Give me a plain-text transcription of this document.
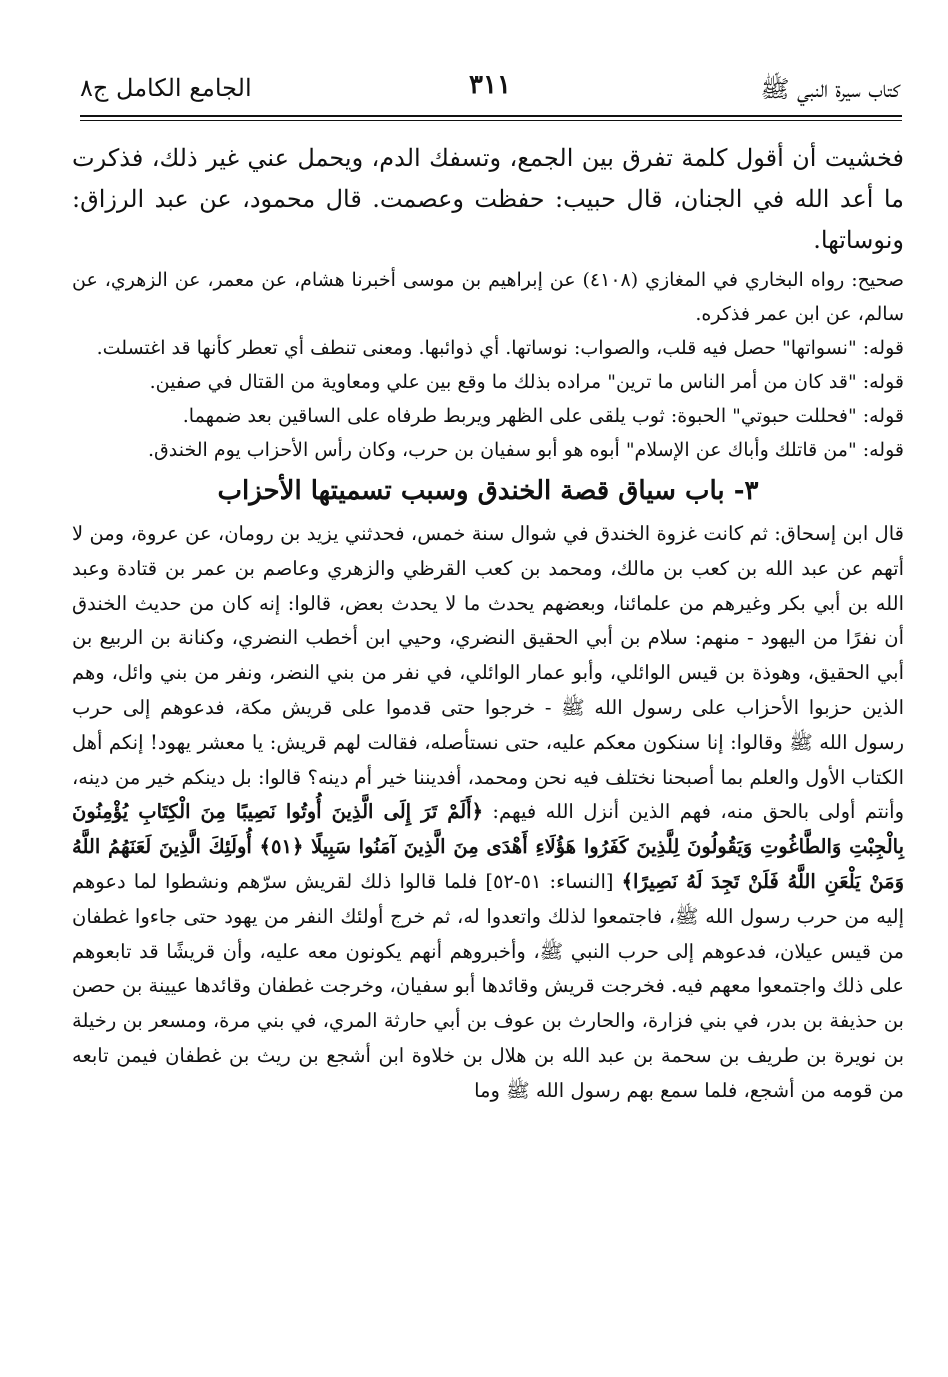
كتاب سيرة النبي ﷺ
٣١١
الجامع الكامل ج٨

فخشيت أن أقول كلمة تفرق بين الجمع، وتسفك الدم، ويحمل عني غير ذلك، فذكرت ما أعد الله في الجنان، قال حبيب: حفظت وعصمت. قال محمود، عن عبد الرزاق: ونوساتها.

صحيح: رواه البخاري في المغازي (٤١٠٨) عن إبراهيم بن موسى أخبرنا هشام، عن معمر، عن الزهري، عن سالم، عن ابن عمر فذكره.

قوله: "نسواتها" حصل فيه قلب، والصواب: نوساتها. أي ذوائبها. ومعنى تنطف أي تعطر كأنها قد اغتسلت.

قوله: "قد كان من أمر الناس ما ترين" مراده بذلك ما وقع بين علي ومعاوية من القتال في صفين.

قوله: "فحللت حبوتي" الحبوة: ثوب يلقى على الظهر ويربط طرفاه على الساقين بعد ضمهما.

قوله: "من قاتلك وأباك عن الإسلام" أبوه هو أبو سفيان بن حرب، وكان رأس الأحزاب يوم الخندق.

٣- باب سياق قصة الخندق وسبب تسميتها الأحزاب

قال ابن إسحاق: ثم كانت غزوة الخندق في شوال سنة خمس، فحدثني يزيد بن رومان، عن عروة، ومن لا أتهم عن عبد الله بن كعب بن مالك، ومحمد بن كعب القرظي والزهري وعاصم بن عمر بن قتادة وعبد الله بن أبي بكر وغيرهم من علمائنا، وبعضهم يحدث ما لا يحدث بعض، قالوا: إنه كان من حديث الخندق أن نفرًا من اليهود - منهم: سلام بن أبي الحقيق النضري، وحيي ابن أخطب النضري، وكنانة بن الربيع بن أبي الحقيق، وهوذة بن قيس الوائلي، وأبو عمار الوائلي، في نفر من بني النضر، ونفر من بني وائل، وهم الذين حزبوا الأحزاب على رسول الله ﷺ - خرجوا حتى قدموا على قريش مكة، فدعوهم إلى حرب رسول الله ﷺ وقالوا: إنا سنكون معكم عليه، حتى نستأصله، فقالت لهم قريش: يا معشر يهود! إنكم أهل الكتاب الأول والعلم بما أصبحنا نختلف فيه نحن ومحمد، أفديننا خير أم دينه؟ قالوا: بل دينكم خير من دينه، وأنتم أولى بالحق منه، فهم الذين أنزل الله فيهم: ﴿أَلَمْ تَرَ إِلَى الَّذِينَ أُوتُوا نَصِيبًا مِنَ الْكِتَابِ يُؤْمِنُونَ بِالْجِبْتِ وَالطَّاغُوتِ وَيَقُولُونَ لِلَّذِينَ كَفَرُوا هَؤُلَاءِ أَهْدَى مِنَ الَّذِينَ آمَنُوا سَبِيلًا ﴿٥١﴾ أُولَئِكَ الَّذِينَ لَعَنَهُمُ اللَّهُ وَمَنْ يَلْعَنِ اللَّهُ فَلَنْ تَجِدَ لَهُ نَصِيرًا﴾ [النساء: ٥١-٥٢] فلما قالوا ذلك لقريش سرّهم ونشطوا لما دعوهم إليه من حرب رسول الله ﷺ، فاجتمعوا لذلك واتعدوا له، ثم خرج أولئك النفر من يهود حتى جاءوا غطفان من قيس عيلان، فدعوهم إلى حرب النبي ﷺ، وأخبروهم أنهم يكونون معه عليه، وأن قريشًا قد تابعوهم على ذلك واجتمعوا معهم فيه. فخرجت قريش وقائدها أبو سفيان، وخرجت غطفان وقائدها عيينة بن حصن بن حذيفة بن بدر، في بني فزارة، والحارث بن عوف بن أبي حارثة المري، في بني مرة، ومسعر بن رخيلة بن نويرة بن طريف بن سحمة بن عبد الله بن هلال بن خلاوة ابن أشجع بن ريث بن غطفان فيمن تابعه من قومه من أشجع، فلما سمع بهم رسول الله ﷺ وما
